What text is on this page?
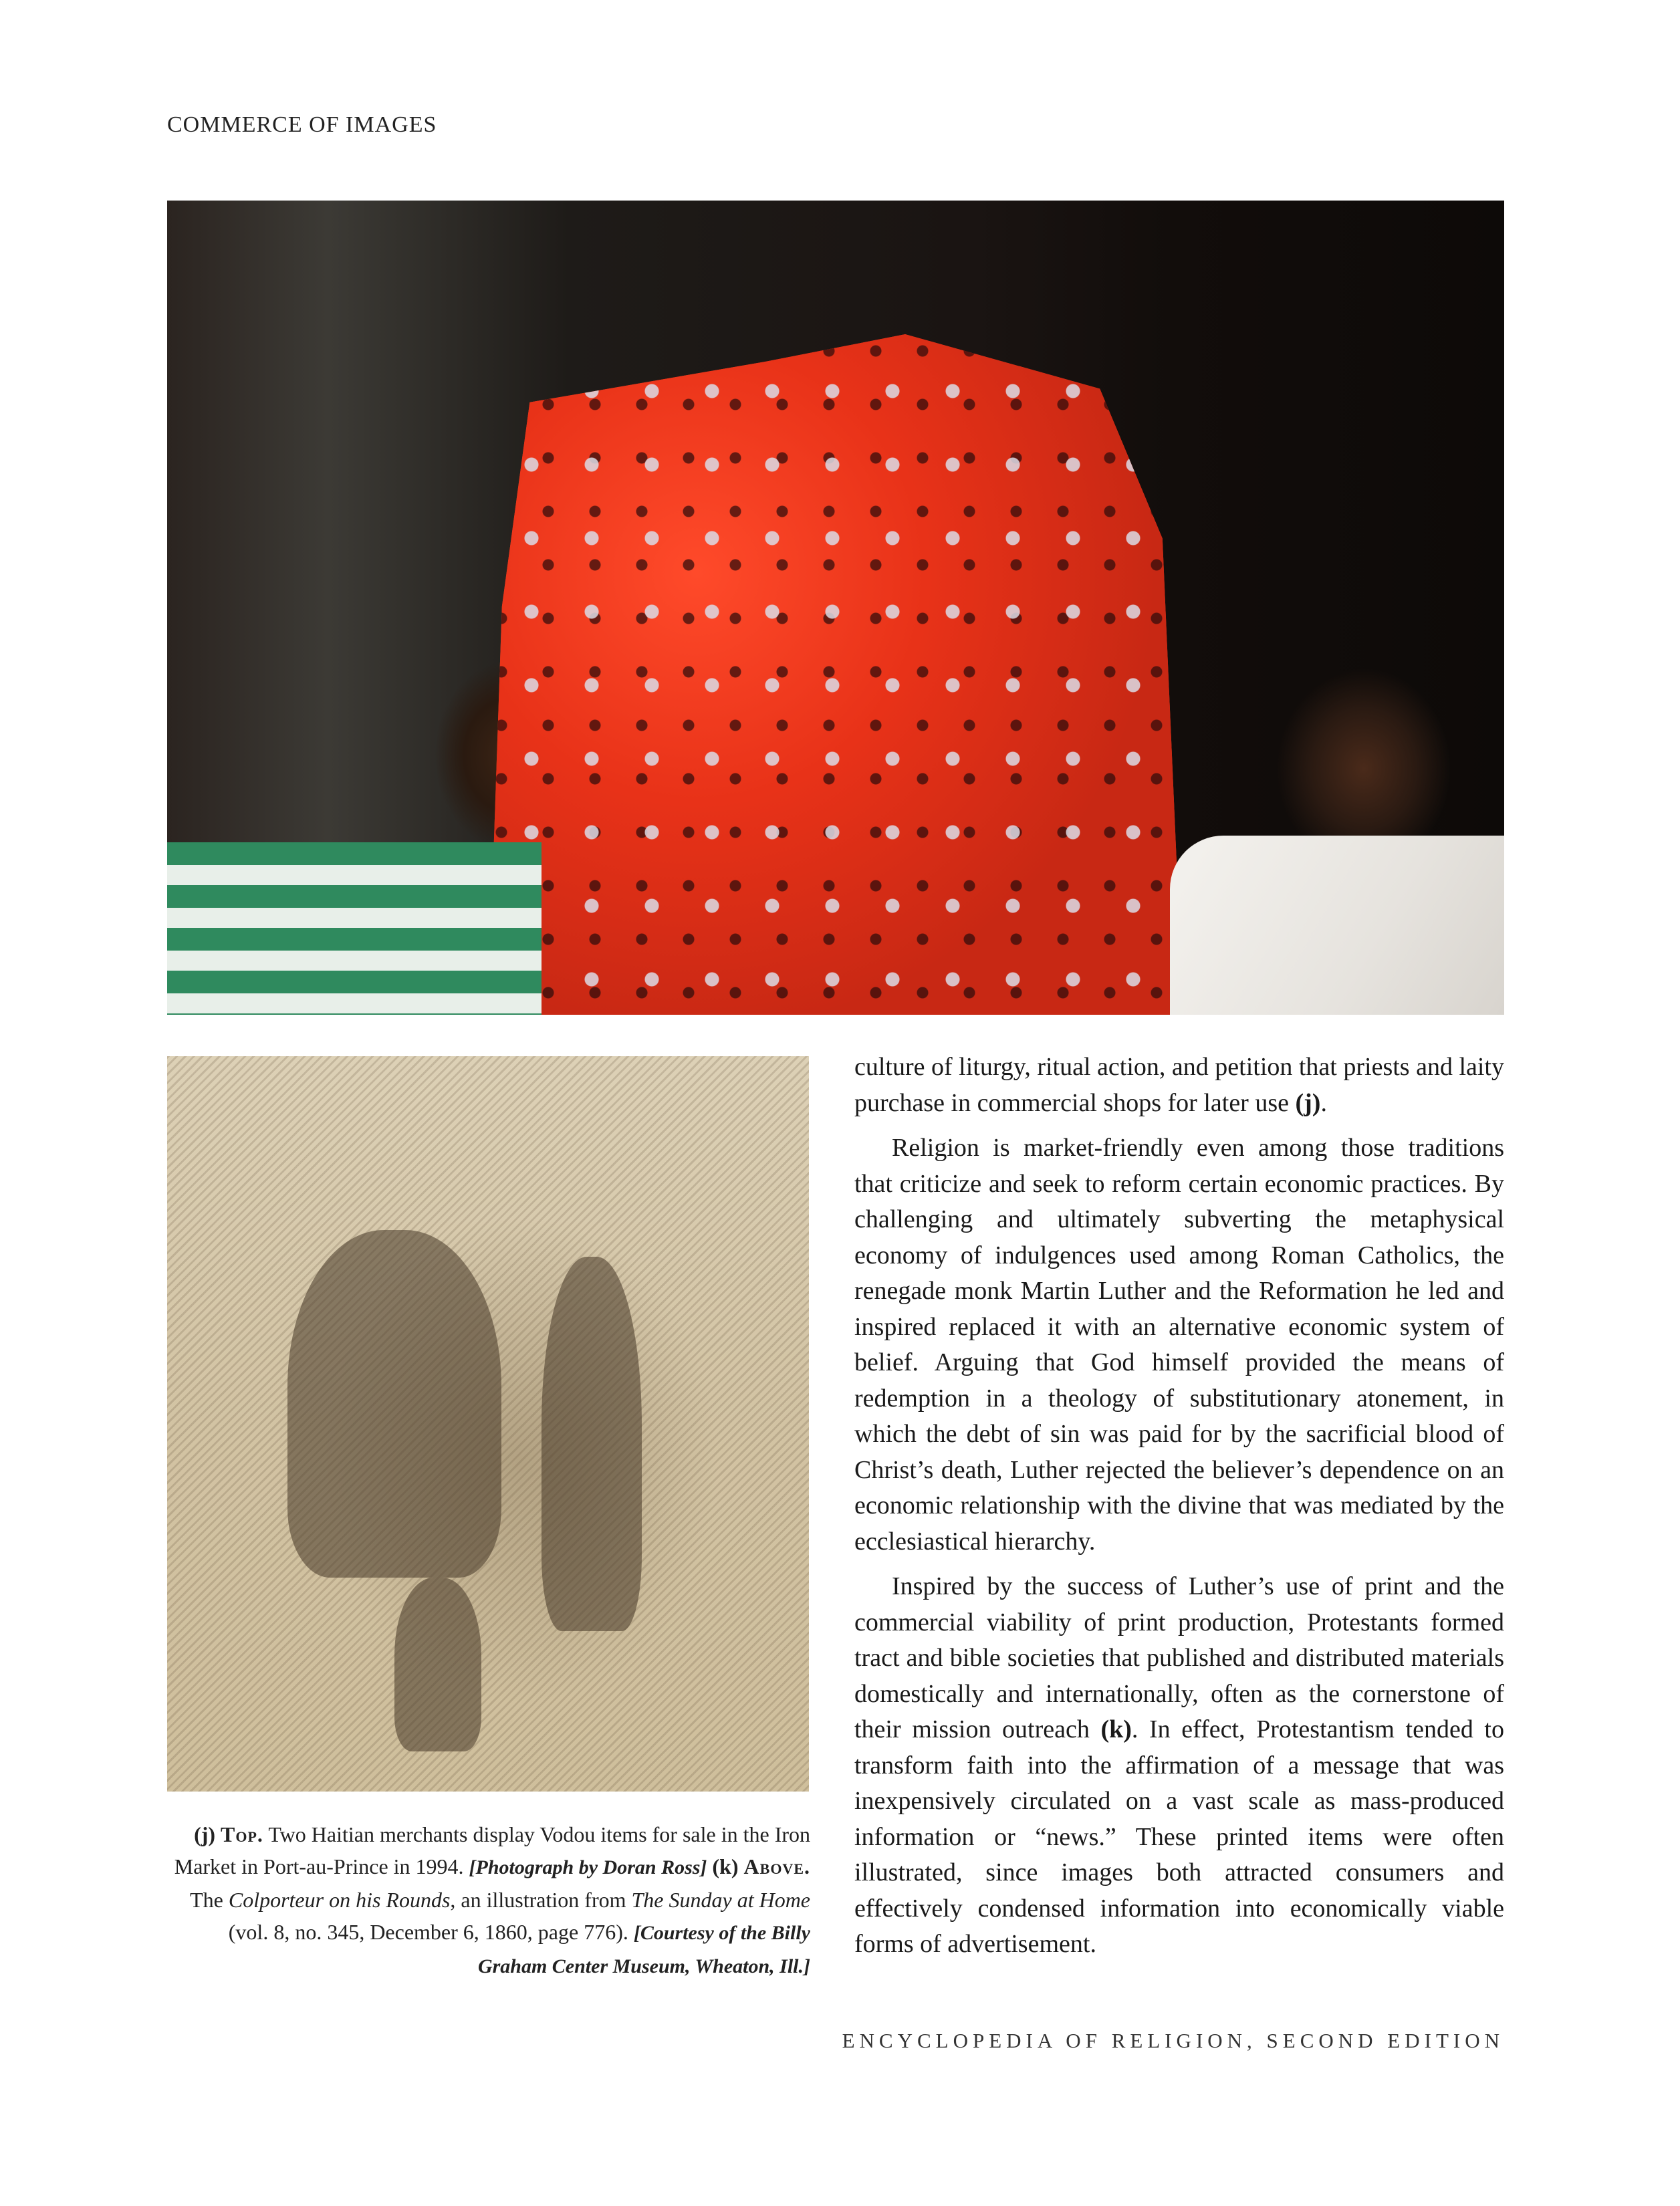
COMMERCE OF IMAGES
(j) Top. Two Haitian merchants display Vodou items for sale in the Iron Market in Port-au-Prince in 1994. [Photograph by Doran Ross] (k) Above. The Colporteur on his Rounds, an illustration from The Sunday at Home (vol. 8, no. 345, December 6, 1860, page 776). [Courtesy of the Billy Graham Center Museum, Wheaton, Ill.]

culture of liturgy, ritual action, and petition that priests and laity purchase in commercial shops for later use (j).

Religion is market-friendly even among those traditions that criticize and seek to reform certain economic practices. By challenging and ultimately subverting the metaphysical economy of indulgences used among Roman Catholics, the renegade monk Martin Luther and the Reformation he led and inspired replaced it with an alternative economic system of belief. Arguing that God himself provided the means of redemption in a theology of substitutionary atonement, in which the debt of sin was paid for by the sacrificial blood of Christ’s death, Luther rejected the believer’s dependence on an economic relationship with the divine that was mediated by the ecclesiastical hierarchy.

Inspired by the success of Luther’s use of print and the commercial viability of print production, Protestants formed tract and bible societies that published and distributed materials domestically and internationally, often as the cornerstone of their mission outreach (k). In effect, Protestantism tended to transform faith into the affirmation of a message that was inexpensively circulated on a vast scale as mass-produced information or “news.” These printed items were often illustrated, since images both attracted consumers and effectively condensed information into economically viable forms of advertisement.

ENCYCLOPEDIA OF RELIGION, SECOND EDITION
